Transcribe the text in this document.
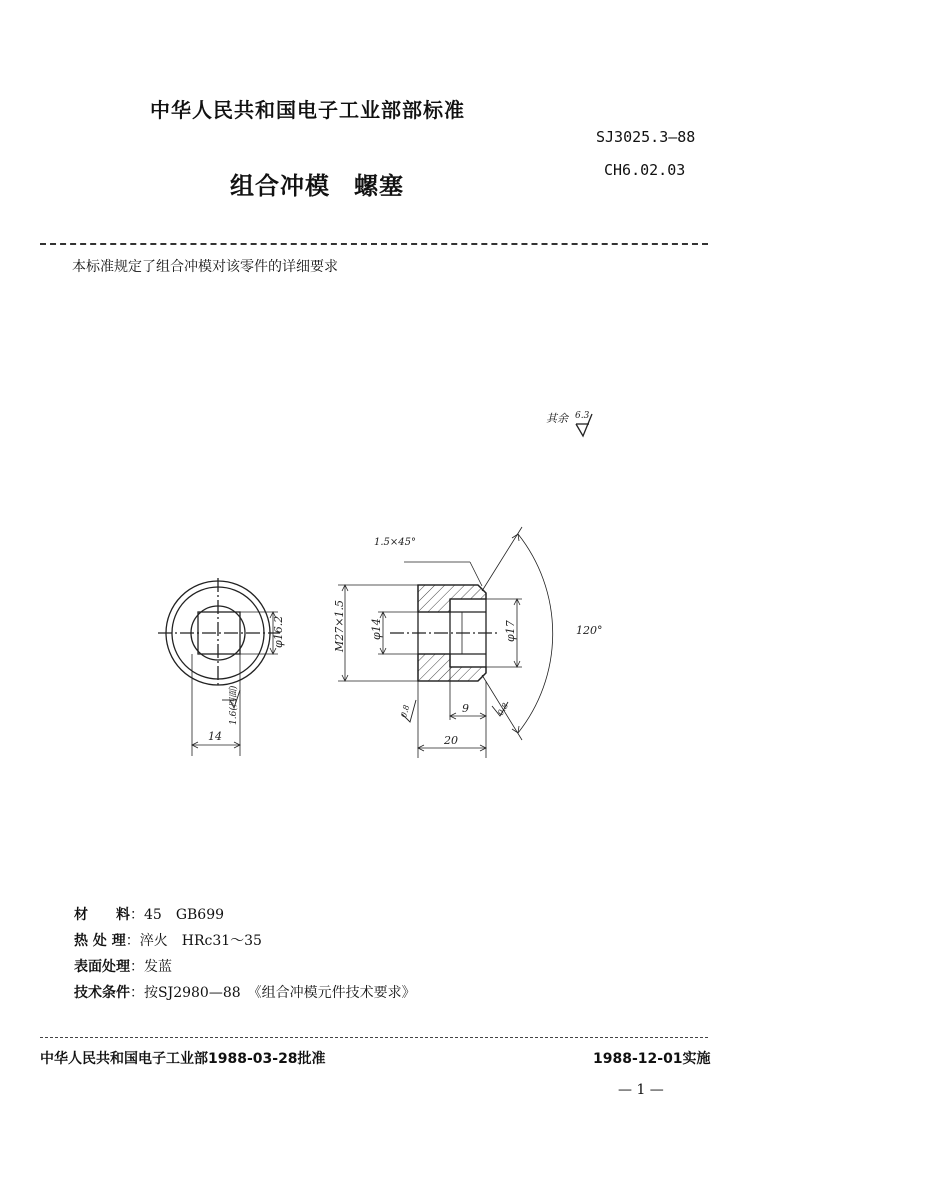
中华人民共和国电子工业部部标准
SJ3025.3—88
CH6.02.03
组合冲模 螺塞
本标准规定了组合冲模对该零件的详细要求
其余 6.3
φ16.2
14
1.6(四面)
1.5×45°
M27×1.5 φ14	φ17	120°
9
20
0.8	0.8
材　　料：45　GB699
热 处 理：淬火　HRc31～35
表面处理：发蓝
技术条件：按SJ2980—88　《组合冲模元件技术要求》
中华人民共和国电子工业部1988-03-28批准	1988-12-01实施
— 1 —
